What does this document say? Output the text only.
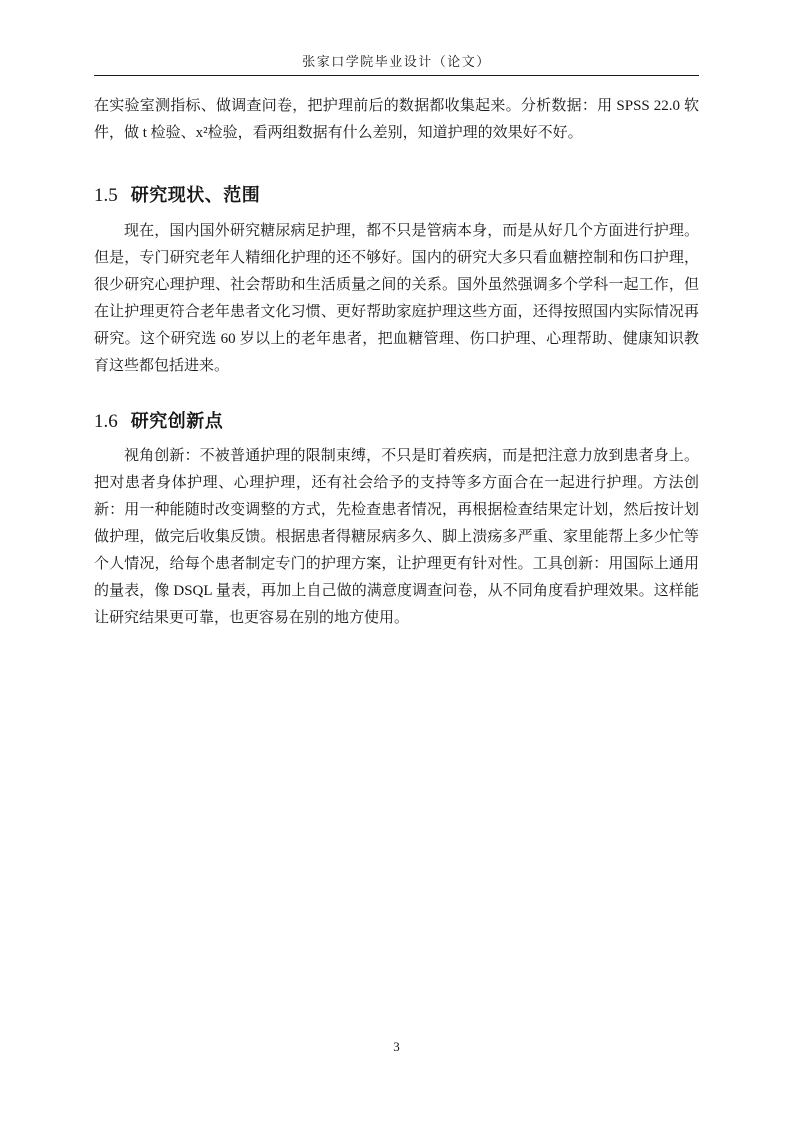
张家口学院毕业设计（论文）

在实验室测指标、做调查问卷，把护理前后的数据都收集起来。分析数据：用 SPSS 22.0 软件，做 t 检验、x²检验，看两组数据有什么差别，知道护理的效果好不好。

1.5 研究现状、范围

现在，国内国外研究糖尿病足护理，都不只是管病本身，而是从好几个方面进行护理。但是，专门研究老年人精细化护理的还不够好。国内的研究大多只看血糖控制和伤口护理，很少研究心理护理、社会帮助和生活质量之间的关系。国外虽然强调多个学科一起工作，但在让护理更符合老年患者文化习惯、更好帮助家庭护理这些方面，还得按照国内实际情况再研究。这个研究选 60 岁以上的老年患者，把血糖管理、伤口护理、心理帮助、健康知识教育这些都包括进来。

1.6 研究创新点

视角创新：不被普通护理的限制束缚，不只是盯着疾病，而是把注意力放到患者身上。把对患者身体护理、心理护理，还有社会给予的支持等多方面合在一起进行护理。方法创新：用一种能随时改变调整的方式，先检查患者情况，再根据检查结果定计划，然后按计划做护理，做完后收集反馈。根据患者得糖尿病多久、脚上溃疡多严重、家里能帮上多少忙等个人情况，给每个患者制定专门的护理方案，让护理更有针对性。工具创新：用国际上通用的量表，像 DSQL 量表，再加上自己做的满意度调查问卷，从不同角度看护理效果。这样能让研究结果更可靠，也更容易在别的地方使用。

3
